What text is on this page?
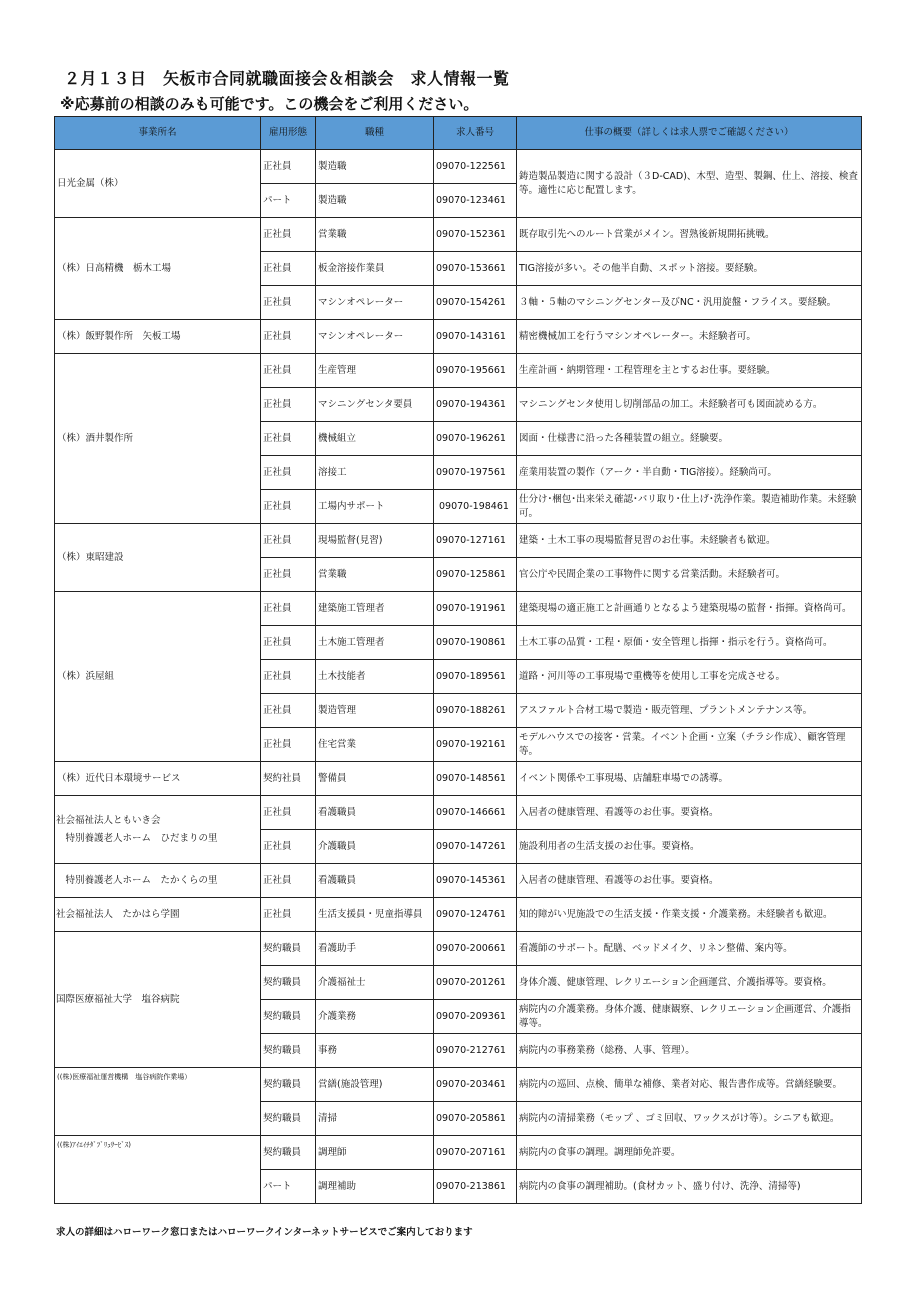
２月１３日　矢板市合同就職面接会＆相談会　求人情報一覧
※応募前の相談のみも可能です。この機会をご利用ください。
事業所名	雇用形態	職種	求人番号	仕事の概要（詳しくは求人票でご確認ください）
日光金属（株）	正社員	製造職	09070-122561	鋳造製品製造に関する設計（３D-CAD)、木型、造型、製鋼、仕上、溶接、検査等。適性に応じ配置します。
	パート	製造職	09070-123461	
（株）日高精機　栃木工場	正社員	営業職	09070-152361	既存取引先へのルート営業がメイン。習熟後新規開拓挑戦。
	正社員	板金溶接作業員	09070-153661	TIG溶接が多い。その他半自動、スポット溶接。要経験。
	正社員	マシンオペレーター	09070-154261	３軸・５軸のマシニングセンター及びNC・汎用旋盤・フライス。要経験。
（株）飯野製作所　矢板工場	正社員	マシンオペレーター	09070-143161	精密機械加工を行うマシンオペレーター。未経験者可。
（株）酒井製作所	正社員	生産管理	09070-195661	生産計画・納期管理・工程管理を主とするお仕事。要経験。
	正社員	マシニングセンタ要員	09070-194361	マシニングセンタ使用し切削部品の加工。未経験者可も図面読める方。
	正社員	機械組立	09070-196261	図面・仕様書に沿った各種装置の組立。経験要。
	正社員	溶接工	09070-197561	産業用装置の製作（アーク・半自動・TIG溶接）。経験尚可。
	正社員	工場内サポート	09070-198461	仕分け･梱包･出来栄え確認･バリ取り･仕上げ･洗浄作業。製造補助作業。未経験可。
（株）東昭建設	正社員	現場監督(見習)	09070-127161	建築・土木工事の現場監督見習のお仕事。未経験者も歓迎。
	正社員	営業職	09070-125861	官公庁や民間企業の工事物件に関する営業活動。未経験者可。
（株）浜屋組	正社員	建築施工管理者	09070-191961	建築現場の適正施工と計画通りとなるよう建築現場の監督・指揮。資格尚可。
	正社員	土木施工管理者	09070-190861	土木工事の品質・工程・原価・安全管理し指揮・指示を行う。資格尚可。
	正社員	土木技能者	09070-189561	道路・河川等の工事現場で重機等を使用し工事を完成させる。
	正社員	製造管理	09070-188261	アスファルト合材工場で製造・販売管理、プラントメンテナンス等。
	正社員	住宅営業	09070-192161	モデルハウスでの接客・営業。イベント企画・立案（チラシ作成）、顧客管理等。
（株）近代日本環境サービス	契約社員	警備員	09070-148561	イベント関係や工事現場、店舗駐車場での誘導。

社会福祉法人ともいき会
　特別養護老人ホーム　ひだまりの里	正社員	看護職員	09070-146661	入居者の健康管理、看護等のお仕事。要資格。
	正社員	介護職員	09070-147261	施設利用者の生活支援のお仕事。要資格。
　特別養護老人ホーム　たかくらの里	正社員	看護職員	09070-145361	入居者の健康管理、看護等のお仕事。要資格。
社会福祉法人　たかはら学園	正社員	生活支援員・児童指導員	09070-124761	知的障がい児施設での生活支援・作業支援・介護業務。未経験者も歓迎。
国際医療福祉大学　塩谷病院	契約職員	看護助手	09070-200661	看護師のサポート。配膳、ベッドメイク、リネン整備、案内等。
	契約職員	介護福祉士	09070-201261	身体介護、健康管理、レクリエーション企画運営、介護指導等。要資格。
	契約職員	介護業務	09070-209361	病院内の介護業務。身体介護、健康観察、レクリエーション企画運営、介護指導等。
	契約職員	事務	09070-212761	病院内の事務業務（総務、人事、管理）。
((株)医療福祉運営機構　塩谷病院作業場）	契約職員	営繕(施設管理)	09070-203461	病院内の巡回、点検、簡単な補修、業者対応、報告書作成等。営繕経験要。
	契約職員	清掃	09070-205861	病院内の清掃業務（モップ 、ゴミ回収、ワックスがけ等）。シニアも歓迎。
((株)ｱｲｴｲﾁﾀﾞﾌﾞﾘｭｻｰﾋﾞｽ)	契約職員	調理師	09070-207161	病院内の食事の調理。調理師免許要。
	パート	調理補助	09070-213861	病院内の食事の調理補助。(食材カット、盛り付け、洗浄、清掃等)
求人の詳細はハローワーク窓口またはハローワークインターネットサービスでご案内しております
